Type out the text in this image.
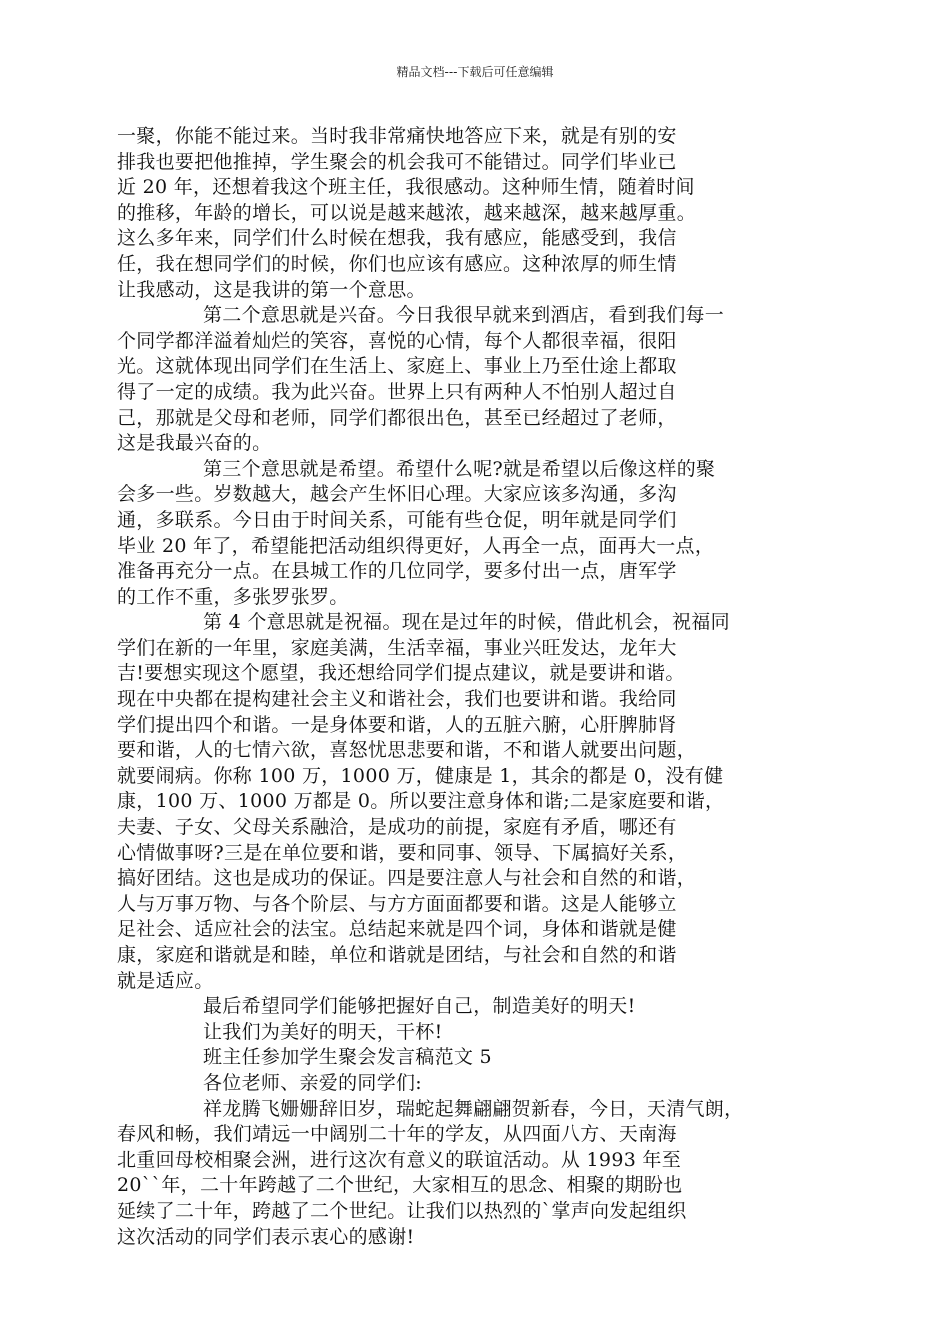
精品文档---下载后可任意编辑
一聚，你能不能过来。当时我非常痛快地答应下来，就是有别的安
排我也要把他推掉，学生聚会的机会我可不能错过。同学们毕业已
近 20 年，还想着我这个班主任，我很感动。这种师生情，随着时间
的推移，年龄的增长，可以说是越来越浓，越来越深，越来越厚重。
这么多年来，同学们什么时候在想我，我有感应，能感受到，我信
任，我在想同学们的时候，你们也应该有感应。这种浓厚的师生情
让我感动，这是我讲的第一个意思。
第二个意思就是兴奋。今日我很早就来到酒店，看到我们每一
个同学都洋溢着灿烂的笑容，喜悦的心情，每个人都很幸福，很阳
光。这就体现出同学们在生活上、家庭上、事业上乃至仕途上都取
得了一定的成绩。我为此兴奋。世界上只有两种人不怕别人超过自
己，那就是父母和老师，同学们都很出色，甚至已经超过了老师，
这是我最兴奋的。
第三个意思就是希望。希望什么呢?就是希望以后像这样的聚
会多一些。岁数越大，越会产生怀旧心理。大家应该多沟通，多沟
通，多联系。今日由于时间关系，可能有些仓促，明年就是同学们
毕业 20 年了，希望能把活动组织得更好，人再全一点，面再大一点，
准备再充分一点。在县城工作的几位同学，要多付出一点，唐军学
的工作不重，多张罗张罗。
第 4 个意思就是祝福。现在是过年的时候，借此机会，祝福同
学们在新的一年里，家庭美满，生活幸福，事业兴旺发达，龙年大
吉!要想实现这个愿望，我还想给同学们提点建议，就是要讲和谐。
现在中央都在提构建社会主义和谐社会，我们也要讲和谐。我给同
学们提出四个和谐。一是身体要和谐，人的五脏六腑，心肝脾肺肾
要和谐，人的七情六欲，喜怒忧思悲要和谐，不和谐人就要出问题，
就要闹病。你称 100 万，1000 万，健康是 1，其余的都是 0，没有健
康，100 万、1000 万都是 0。所以要注意身体和谐;二是家庭要和谐，
夫妻、子女、父母关系融洽，是成功的前提，家庭有矛盾，哪还有
心情做事呀?三是在单位要和谐，要和同事、领导、下属搞好关系，
搞好团结。这也是成功的保证。四是要注意人与社会和自然的和谐，
人与万事万物、与各个阶层、与方方面面都要和谐。这是人能够立
足社会、适应社会的法宝。总结起来就是四个词，身体和谐就是健
康，家庭和谐就是和睦，单位和谐就是团结，与社会和自然的和谐
就是适应。
最后希望同学们能够把握好自己，制造美好的明天!
让我们为美好的明天，干杯!
班主任参加学生聚会发言稿范文 5
各位老师、亲爱的同学们:
祥龙腾飞姗姗辞旧岁，瑞蛇起舞翩翩贺新春，今日，天清气朗，
春风和畅，我们靖远一中阔别二十年的学友，从四面八方、天南海
北重回母校相聚会洲，进行这次有意义的联谊活动。从 1993 年至
20``年，二十年跨越了二个世纪，大家相互的思念、相聚的期盼也
延续了二十年，跨越了二个世纪。让我们以热烈的`掌声向发起组织
这次活动的同学们表示衷心的感谢!
